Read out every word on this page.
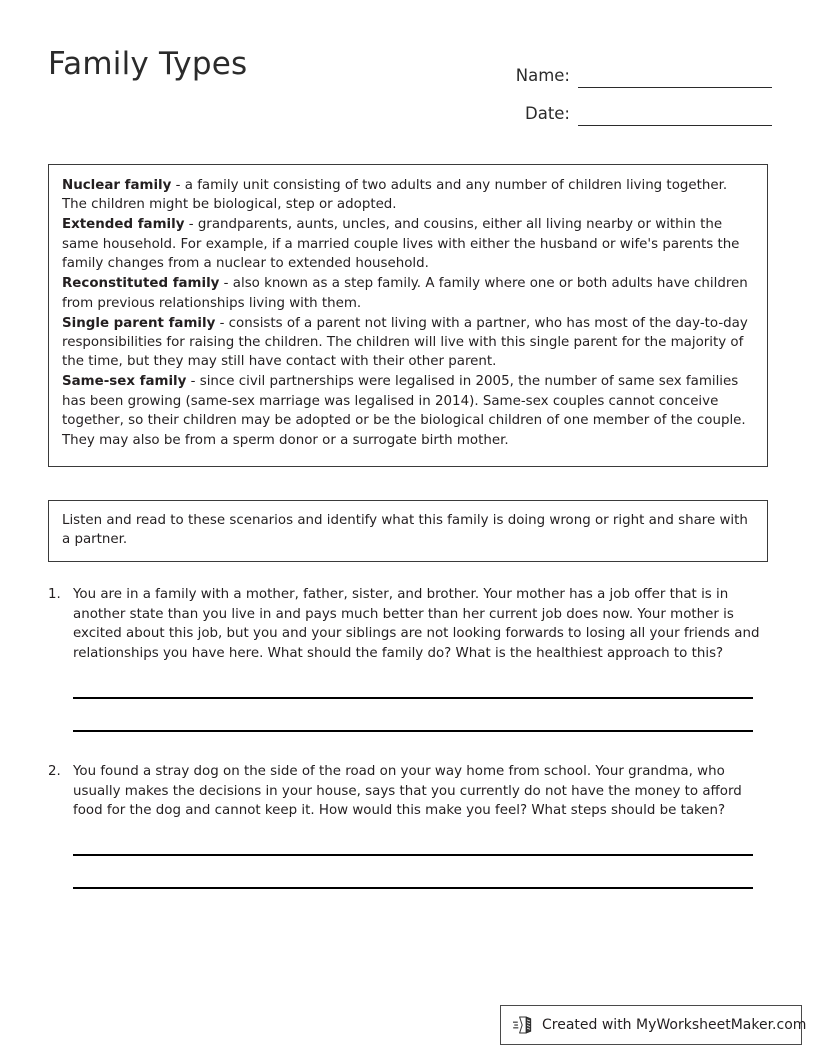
Family Types	Name:
Date:

Nuclear family - a family unit consisting of two adults and any number of children living together. The children might be biological, step or adopted.

Extended family - grandparents, aunts, uncles, and cousins, either all living nearby or within the same household. For example, if a married couple lives with either the husband or wife's parents the family changes from a nuclear to extended household.

Reconstituted family - also known as a step family. A family where one or both adults have children from previous relationships living with them.

Single parent family - consists of a parent not living with a partner, who has most of the day-to-day responsibilities for raising the children. The children will live with this single parent for the majority of the time, but they may still have contact with their other parent.

Same-sex family - since civil partnerships were legalised in 2005, the number of same sex families has been growing (same-sex marriage was legalised in 2014). Same-sex couples cannot conceive together, so their children may be adopted or be the biological children of one member of the couple. They may also be from a sperm donor or a surrogate birth mother.

Listen and read to these scenarios and identify what this family is doing wrong or right and share with a partner.
1. You are in a family with a mother, father, sister, and brother. Your mother has a job offer that is in another state than you live in and pays much better than her current job does now. Your mother is excited about this job, but you and your siblings are not looking forwards to losing all your friends and relationships you have here. What should the family do? What is the healthiest approach to this?
2. You found a stray dog on the side of the road on your way home from school. Your grandma, who usually makes the decisions in your house, says that you currently do not have the money to afford food for the dog and cannot keep it. How would this make you feel? What steps should be taken?
Created with MyWorksheetMaker.com
